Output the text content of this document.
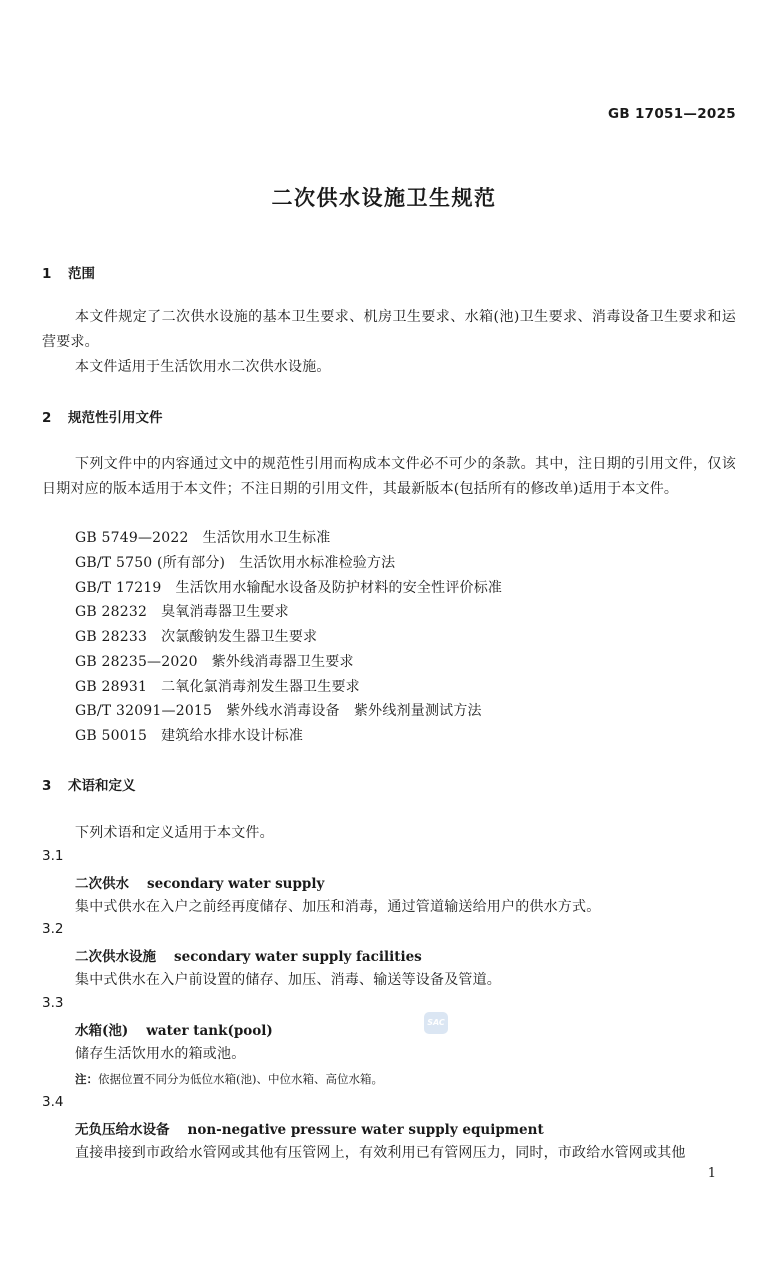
GB 17051—2025
二次供水设施卫生规范
1 范围
本文件规定了二次供水设施的基本卫生要求、机房卫生要求、水箱(池)卫生要求、消毒设备卫生要求和运营要求。
本文件适用于生活饮用水二次供水设施。
2 规范性引用文件
下列文件中的内容通过文中的规范性引用而构成本文件必不可少的条款。其中，注日期的引用文件，仅该日期对应的版本适用于本文件；不注日期的引用文件，其最新版本(包括所有的修改单)适用于本文件。
GB 5749—2022 生活饮用水卫生标准
GB/T 5750 (所有部分) 生活饮用水标准检验方法
GB/T 17219 生活饮用水输配水设备及防护材料的安全性评价标准
GB 28232 臭氧消毒器卫生要求
GB 28233 次氯酸钠发生器卫生要求
GB 28235—2020 紫外线消毒器卫生要求
GB 28931 二氧化氯消毒剂发生器卫生要求
GB/T 32091—2015 紫外线水消毒设备　紫外线剂量测试方法
GB 50015 建筑给水排水设计标准
3 术语和定义
下列术语和定义适用于本文件。
3.1
二次供水 secondary water supply
集中式供水在入户之前经再度储存、加压和消毒，通过管道输送给用户的供水方式。
3.2
二次供水设施 secondary water supply facilities
集中式供水在入户前设置的储存、加压、消毒、输送等设备及管道。
3.3
水箱(池) water tank(pool)
SAC
储存生活饮用水的箱或池。
注：依据位置不同分为低位水箱(池)、中位水箱、高位水箱。
3.4
无负压给水设备 non-negative pressure water supply equipment
直接串接到市政给水管网或其他有压管网上，有效利用已有管网压力，同时，市政给水管网或其他
1
